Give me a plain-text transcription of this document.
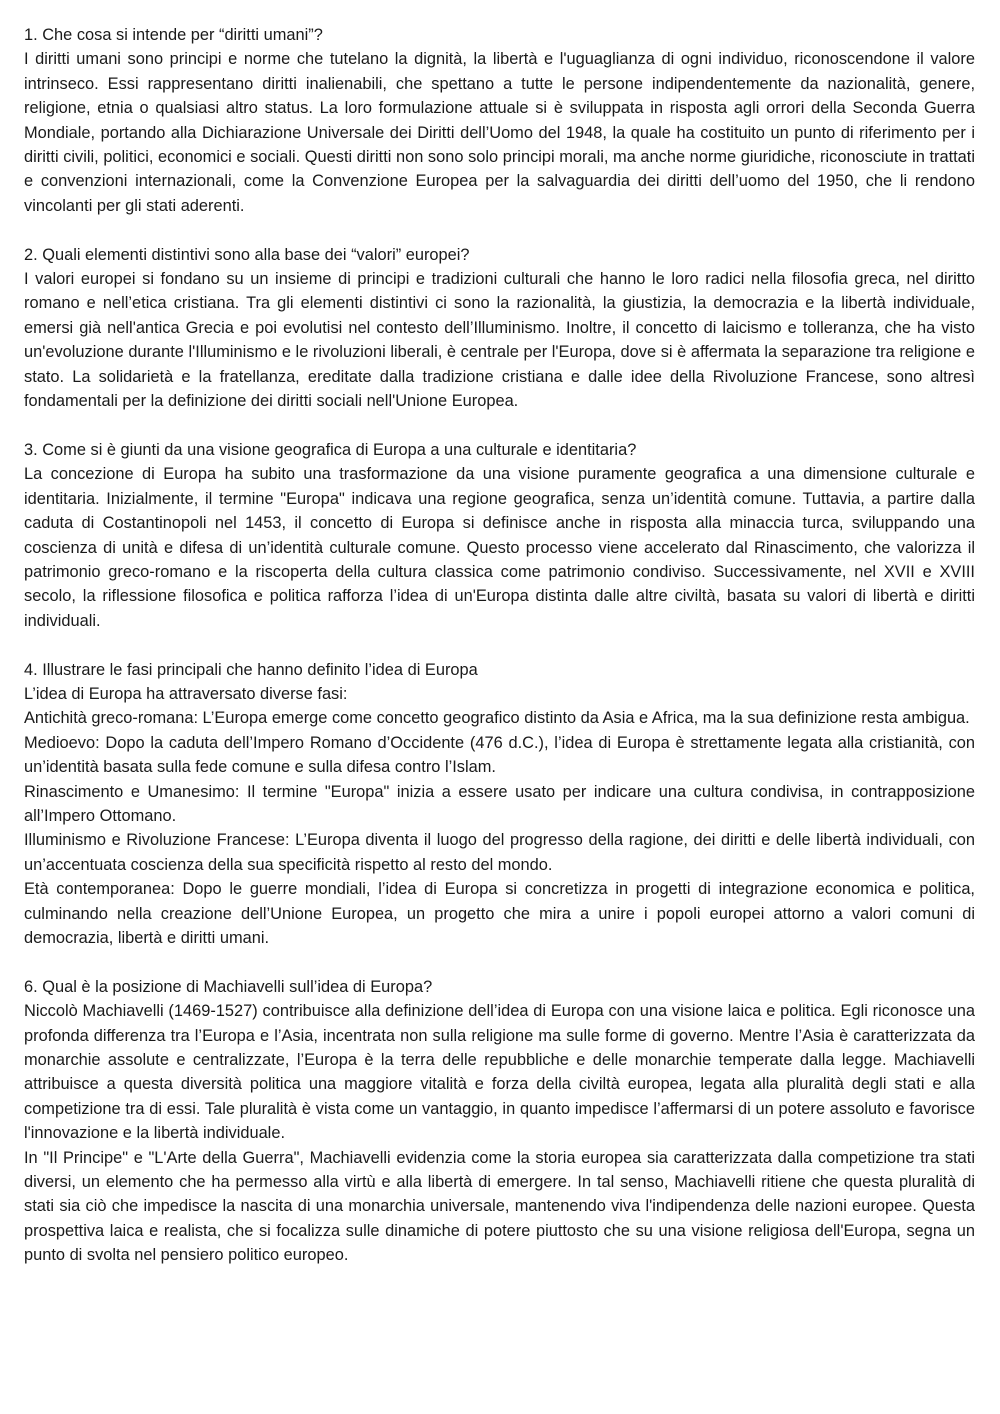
1. Che cosa si intende per “diritti umani”?

I diritti umani sono principi e norme che tutelano la dignità, la libertà e l'uguaglianza di ogni individuo, riconoscendone il valore intrinseco. Essi rappresentano diritti inalienabili, che spettano a tutte le persone indipendentemente da nazionalità, genere, religione, etnia o qualsiasi altro status. La loro formulazione attuale si è sviluppata in risposta agli orrori della Seconda Guerra Mondiale, portando alla Dichiarazione Universale dei Diritti dell’Uomo del 1948, la quale ha costituito un punto di riferimento per i diritti civili, politici, economici e sociali. Questi diritti non sono solo principi morali, ma anche norme giuridiche, riconosciute in trattati e convenzioni internazionali, come la Convenzione Europea per la salvaguardia dei diritti dell’uomo del 1950, che li rendono vincolanti per gli stati aderenti.

2. Quali elementi distintivi sono alla base dei “valori” europei?

I valori europei si fondano su un insieme di principi e tradizioni culturali che hanno le loro radici nella filosofia greca, nel diritto romano e nell’etica cristiana. Tra gli elementi distintivi ci sono la razionalità, la giustizia, la democrazia e la libertà individuale, emersi già nell'antica Grecia e poi evolutisi nel contesto dell’Illuminismo. Inoltre, il concetto di laicismo e tolleranza, che ha visto un'evoluzione durante l'Illuminismo e le rivoluzioni liberali, è centrale per l'Europa, dove si è affermata la separazione tra religione e stato. La solidarietà e la fratellanza, ereditate dalla tradizione cristiana e dalle idee della Rivoluzione Francese, sono altresì fondamentali per la definizione dei diritti sociali nell'Unione Europea.

3. Come si è giunti da una visione geografica di Europa a una culturale e identitaria?

La concezione di Europa ha subito una trasformazione da una visione puramente geografica a una dimensione culturale e identitaria. Inizialmente, il termine "Europa" indicava una regione geografica, senza un’identità comune. Tuttavia, a partire dalla caduta di Costantinopoli nel 1453, il concetto di Europa si definisce anche in risposta alla minaccia turca, sviluppando una coscienza di unità e difesa di un’identità culturale comune. Questo processo viene accelerato dal Rinascimento, che valorizza il patrimonio greco-romano e la riscoperta della cultura classica come patrimonio condiviso. Successivamente, nel XVII e XVIII secolo, la riflessione filosofica e politica rafforza l’idea di un'Europa distinta dalle altre civiltà, basata su valori di libertà e diritti individuali.

4. Illustrare le fasi principali che hanno definito l’idea di Europa

L’idea di Europa ha attraversato diverse fasi:

Antichità greco-romana: L’Europa emerge come concetto geografico distinto da Asia e Africa, ma la sua definizione resta ambigua.

Medioevo: Dopo la caduta dell’Impero Romano d’Occidente (476 d.C.), l’idea di Europa è strettamente legata alla cristianità, con un’identità basata sulla fede comune e sulla difesa contro l’Islam.

Rinascimento e Umanesimo: Il termine "Europa" inizia a essere usato per indicare una cultura condivisa, in contrapposizione all’Impero Ottomano.

Illuminismo e Rivoluzione Francese: L’Europa diventa il luogo del progresso della ragione, dei diritti e delle libertà individuali, con un’accentuata coscienza della sua specificità rispetto al resto del mondo.

Età contemporanea: Dopo le guerre mondiali, l’idea di Europa si concretizza in progetti di integrazione economica e politica, culminando nella creazione dell’Unione Europea, un progetto che mira a unire i popoli europei attorno a valori comuni di democrazia, libertà e diritti umani.

6. Qual è la posizione di Machiavelli sull’idea di Europa?

Niccolò Machiavelli (1469-1527) contribuisce alla definizione dell’idea di Europa con una visione laica e politica. Egli riconosce una profonda differenza tra l’Europa e l’Asia, incentrata non sulla religione ma sulle forme di governo. Mentre l’Asia è caratterizzata da monarchie assolute e centralizzate, l’Europa è la terra delle repubbliche e delle monarchie temperate dalla legge. Machiavelli attribuisce a questa diversità politica una maggiore vitalità e forza della civiltà europea, legata alla pluralità degli stati e alla competizione tra di essi. Tale pluralità è vista come un vantaggio, in quanto impedisce l’affermarsi di un potere assoluto e favorisce l'innovazione e la libertà individuale.

In "Il Principe" e "L'Arte della Guerra", Machiavelli evidenzia come la storia europea sia caratterizzata dalla competizione tra stati diversi, un elemento che ha permesso alla virtù e alla libertà di emergere. In tal senso, Machiavelli ritiene che questa pluralità di stati sia ciò che impedisce la nascita di una monarchia universale, mantenendo viva l'indipendenza delle nazioni europee. Questa prospettiva laica e realista, che si focalizza sulle dinamiche di potere piuttosto che su una visione religiosa dell'Europa, segna un punto di svolta nel pensiero politico europeo.
